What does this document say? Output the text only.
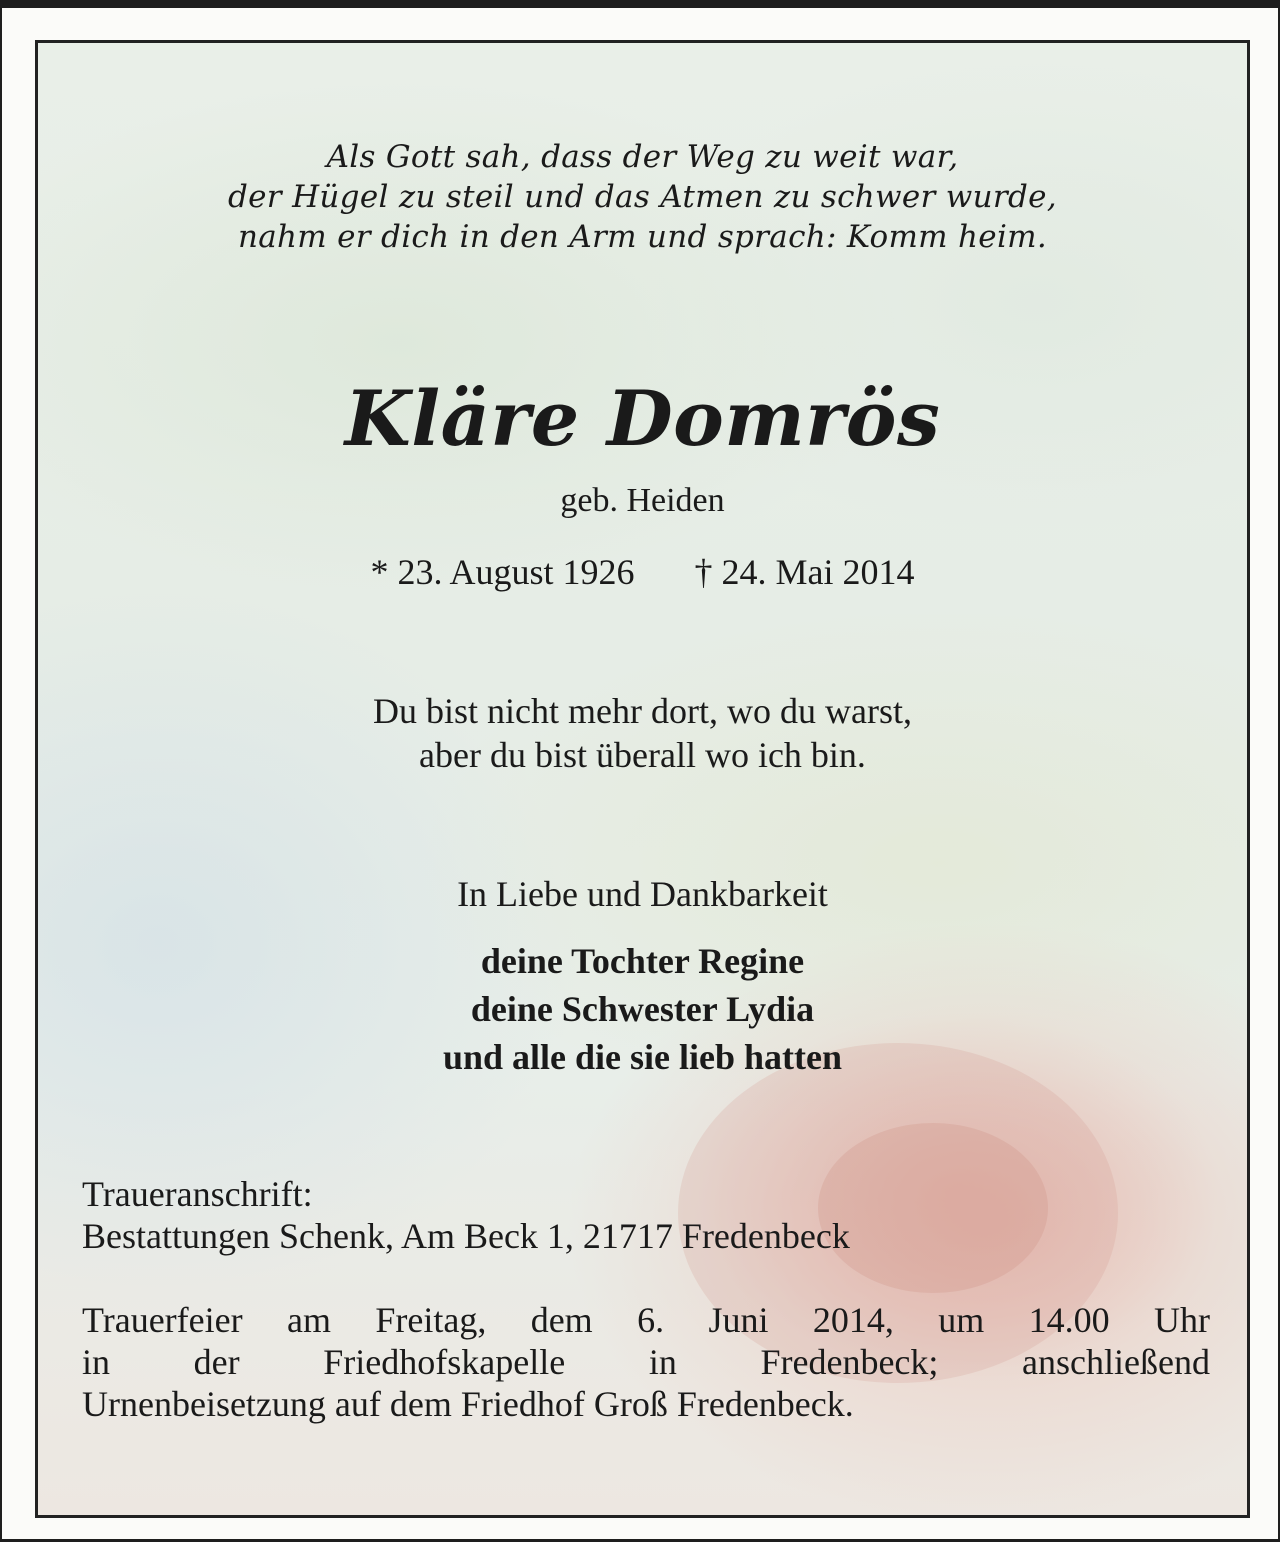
Als Gott sah, dass der Weg zu weit war,
der Hügel zu steil und das Atmen zu schwer wurde,
nahm er dich in den Arm und sprach: Komm heim.

Kläre Domrös

geb. Heiden

* 23. August 1926 † 24. Mai 2014

Du bist nicht mehr dort, wo du warst,
aber du bist überall wo ich bin.

In Liebe und Dankbarkeit

deine Tochter Regine
deine Schwester Lydia
und alle die sie lieb hatten

Traueranschrift:
Bestattungen Schenk, Am Beck 1, 21717 Fredenbeck

Trauerfeier am Freitag, dem 6. Juni 2014, um 14.00 Uhr
in der Friedhofskapelle in Fredenbeck; anschließend
Urnenbeisetzung auf dem Friedhof Groß Fredenbeck.
